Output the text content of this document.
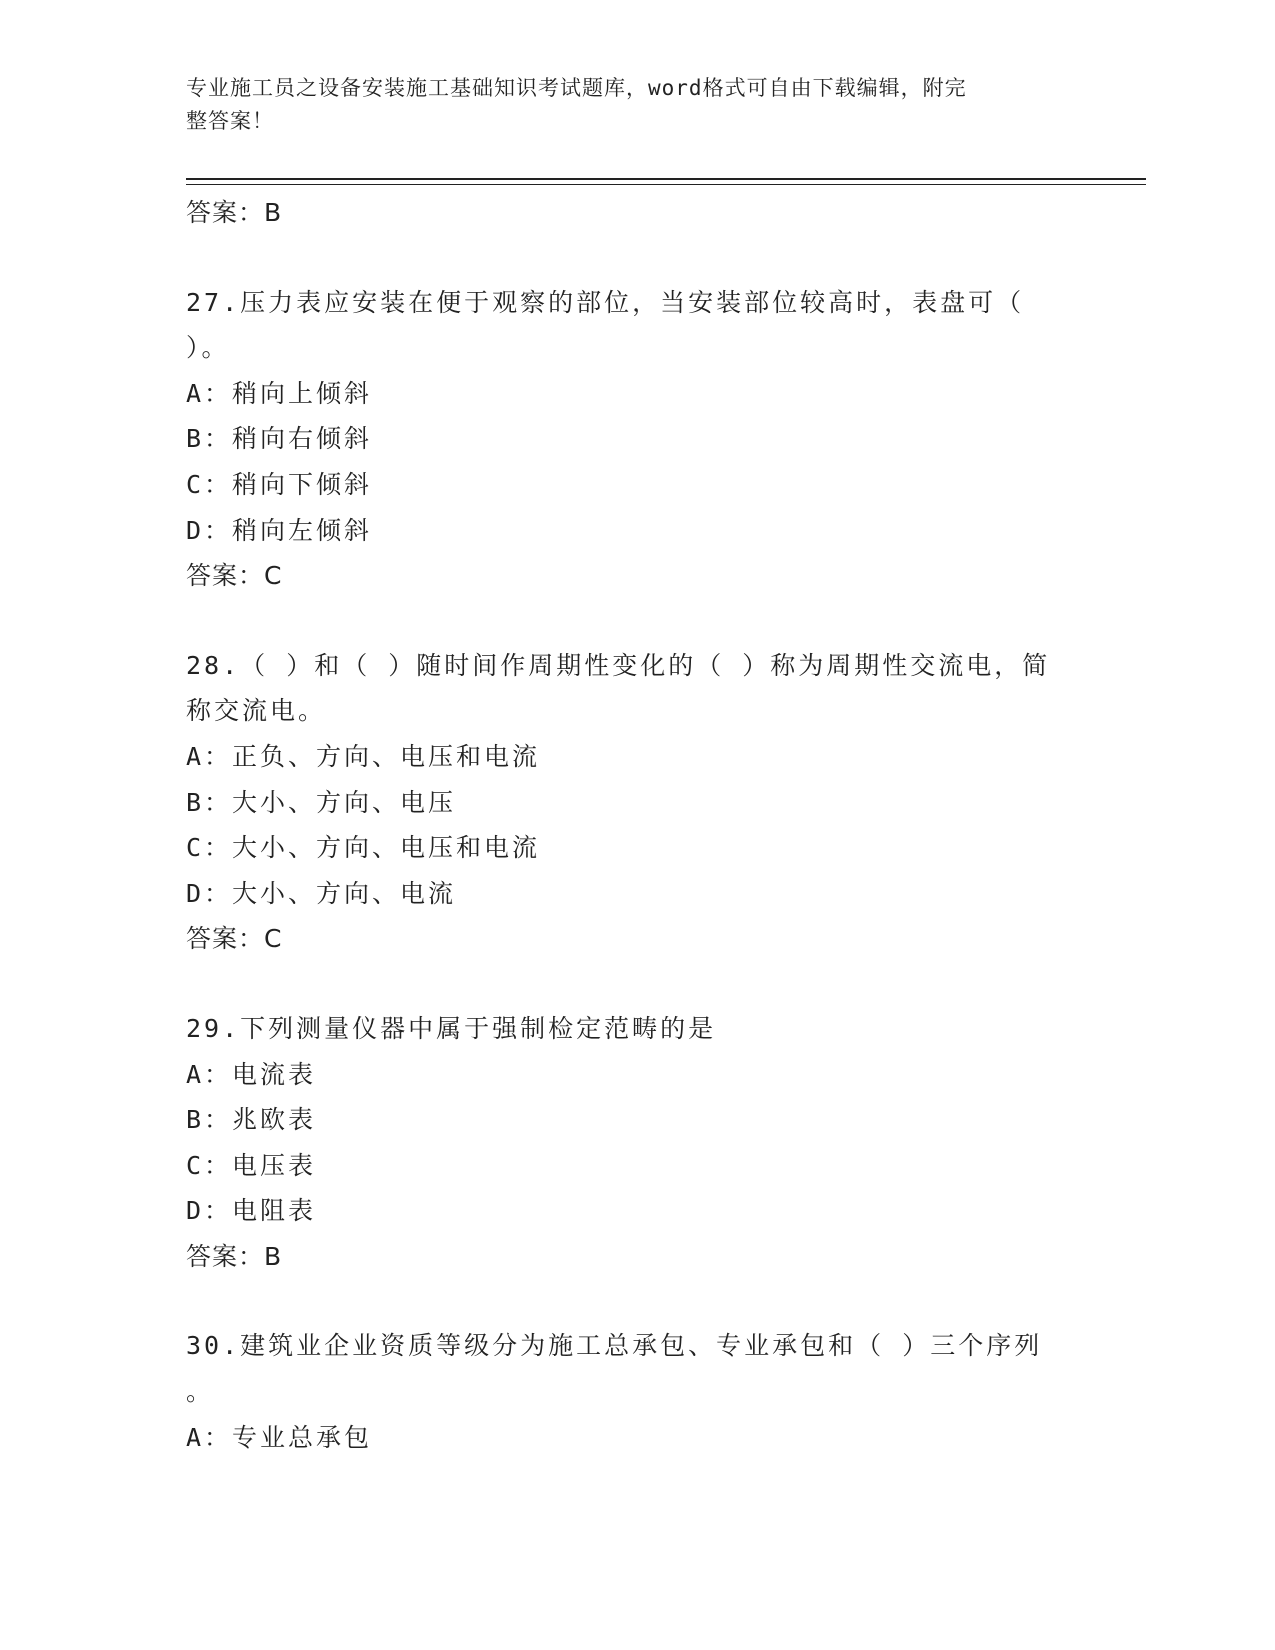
专业施工员之设备安装施工基础知识考试题库，word格式可自由下载编辑，附完
整答案！
答案：B
27.压力表应安装在便于观察的部位，当安装部位较高时，表盘可（
）。
A：稍向上倾斜
B：稍向右倾斜
C：稍向下倾斜
D：稍向左倾斜
答案：C
28.（ ）和（ ）随时间作周期性变化的（ ）称为周期性交流电，简
称交流电。
A：正负、方向、电压和电流
B：大小、方向、电压
C：大小、方向、电压和电流
D：大小、方向、电流
答案：C
29.下列测量仪器中属于强制检定范畴的是
A：电流表
B：兆欧表
C：电压表
D：电阻表
答案：B
30.建筑业企业资质等级分为施工总承包、专业承包和（ ）三个序列
。
A：专业总承包
